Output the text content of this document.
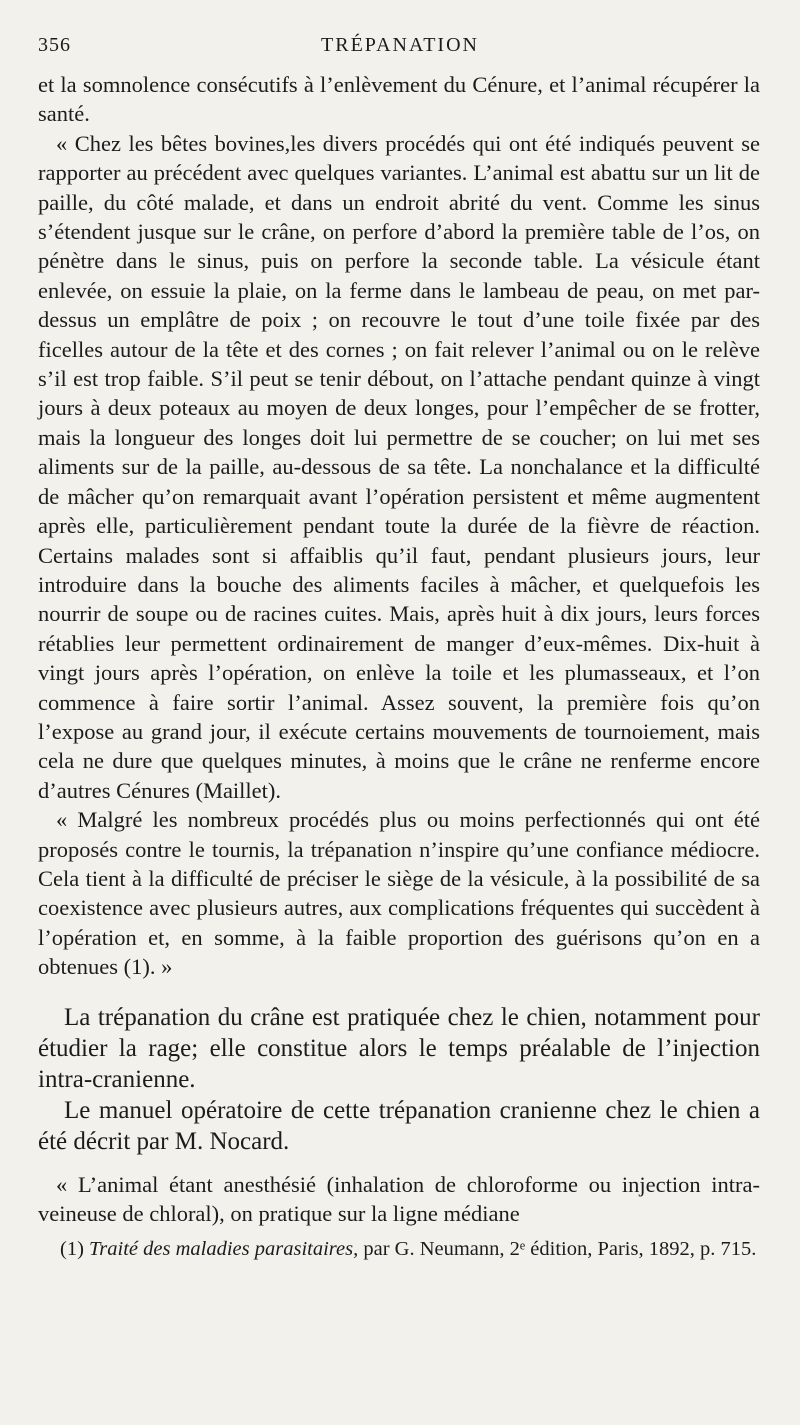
356	TRÉPANATION

et la somnolence consécutifs à l’enlèvement du Cénure, et l’animal récupérer la santé.

« Chez les bêtes bovines,les divers procédés qui ont été indiqués peuvent se rapporter au précédent avec quelques variantes. L’animal est abattu sur un lit de paille, du côté malade, et dans un endroit abrité du vent. Comme les sinus s’étendent jusque sur le crâne, on perfore d’abord la première table de l’os, on pénètre dans le sinus, puis on perfore la seconde table. La vésicule étant enlevée, on essuie la plaie, on la ferme dans le lambeau de peau, on met par-dessus un emplâtre de poix ; on recouvre le tout d’une toile fixée par des ficelles autour de la tête et des cornes ; on fait relever l’animal ou on le relève s’il est trop faible. S’il peut se tenir débout, on l’attache pendant quinze à vingt jours à deux poteaux au moyen de deux longes, pour l’empêcher de se frotter, mais la longueur des longes doit lui permettre de se coucher; on lui met ses aliments sur de la paille, au-dessous de sa tête. La nonchalance et la difficulté de mâcher qu’on remarquait avant l’opération persistent et même augmentent après elle, particulièrement pendant toute la durée de la fièvre de réaction. Certains malades sont si affaiblis qu’il faut, pendant plusieurs jours, leur introduire dans la bouche des aliments faciles à mâcher, et quelquefois les nourrir de soupe ou de racines cuites. Mais, après huit à dix jours, leurs forces rétablies leur permettent ordinairement de manger d’eux-mêmes. Dix-huit à vingt jours après l’opération, on enlève la toile et les plumasseaux, et l’on commence à faire sortir l’animal. Assez souvent, la première fois qu’on l’expose au grand jour, il exécute certains mouvements de tournoiement, mais cela ne dure que quelques minutes, à moins que le crâne ne renferme encore d’autres Cénures (Maillet).

« Malgré les nombreux procédés plus ou moins perfectionnés qui ont été proposés contre le tournis, la trépanation n’inspire qu’une confiance médiocre. Cela tient à la difficulté de préciser le siège de la vésicule, à la possibilité de sa coexistence avec plusieurs autres, aux complications fréquentes qui succèdent à l’opération et, en somme, à la faible proportion des guérisons qu’on en a obtenues (1). »

La trépanation du crâne est pratiquée chez le chien, notamment pour étudier la rage; elle constitue alors le temps préalable de l’injection intra-cranienne.

Le manuel opératoire de cette trépanation cranienne chez le chien a été décrit par M. Nocard.

« L’animal étant anesthésié (inhalation de chloroforme ou injection intra-veineuse de chloral), on pratique sur la ligne médiane

(1) Traité des maladies parasitaires, par G. Neumann, 2ᵉ édition, Paris, 1892, p. 715.
